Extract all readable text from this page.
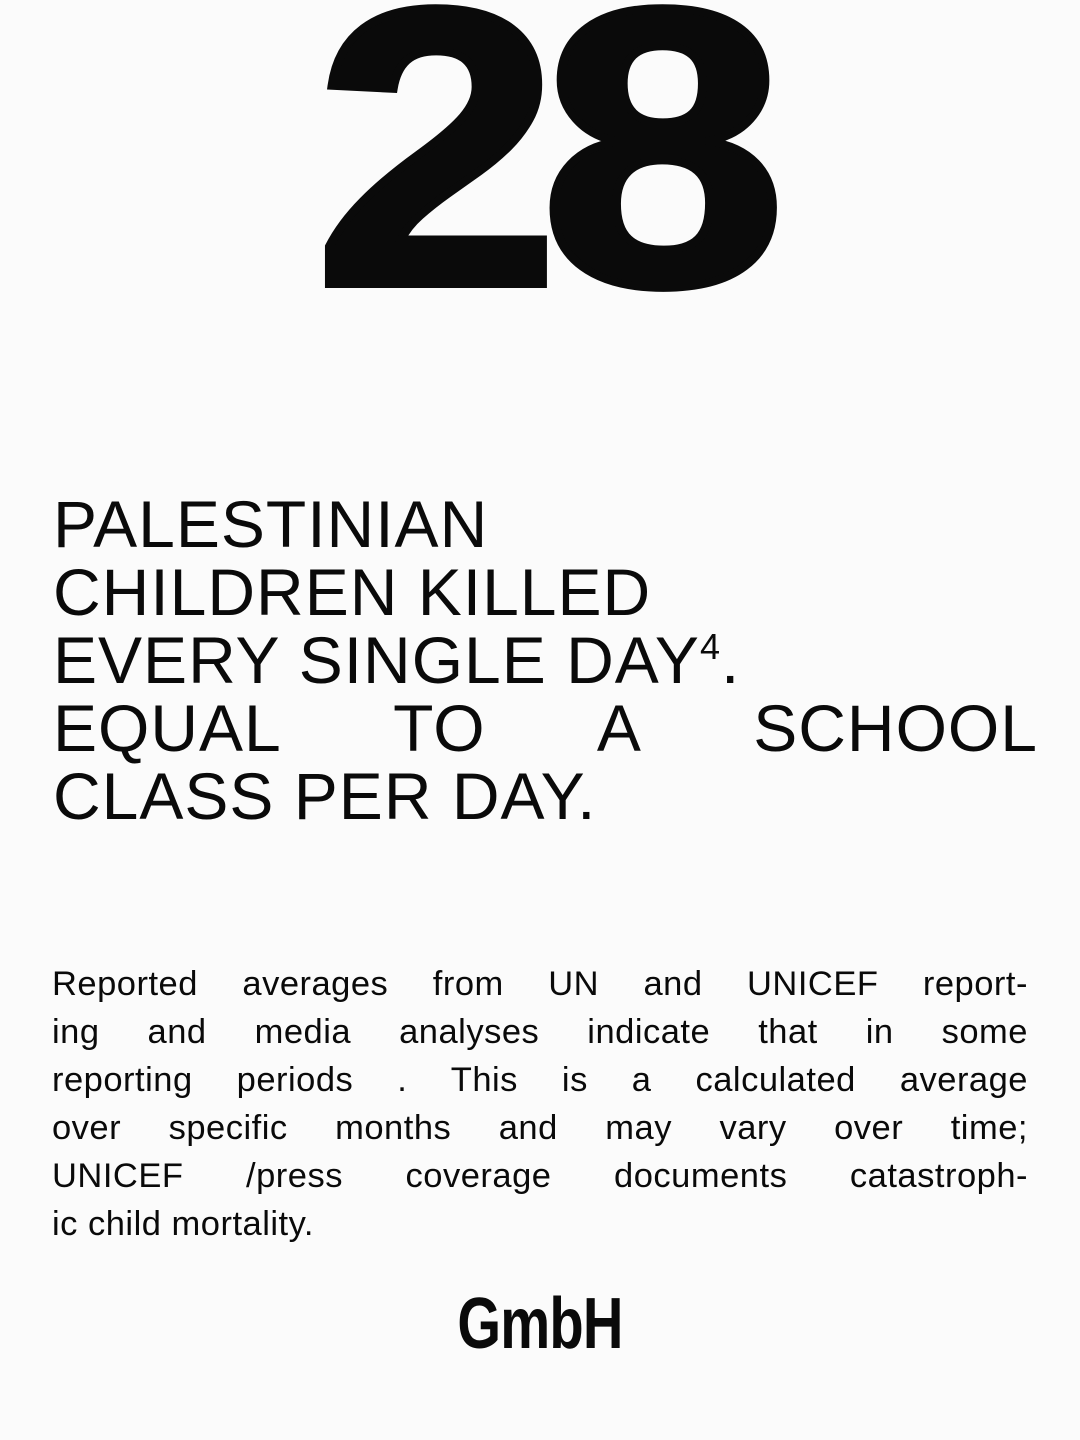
28
PALESTINIAN
CHILDREN KILLED
EVERY SINGLE DAY$^4$.
EQUAL TO A SCHOOL
CLASS PER DAY.

Reported averages from UN and UNICEF report-
ing and media analyses indicate that in some
reporting periods . This is a calculated average
over specific months and may vary over time;
UNICEF /press coverage documents catastroph-
ic child mortality.

GmbH
